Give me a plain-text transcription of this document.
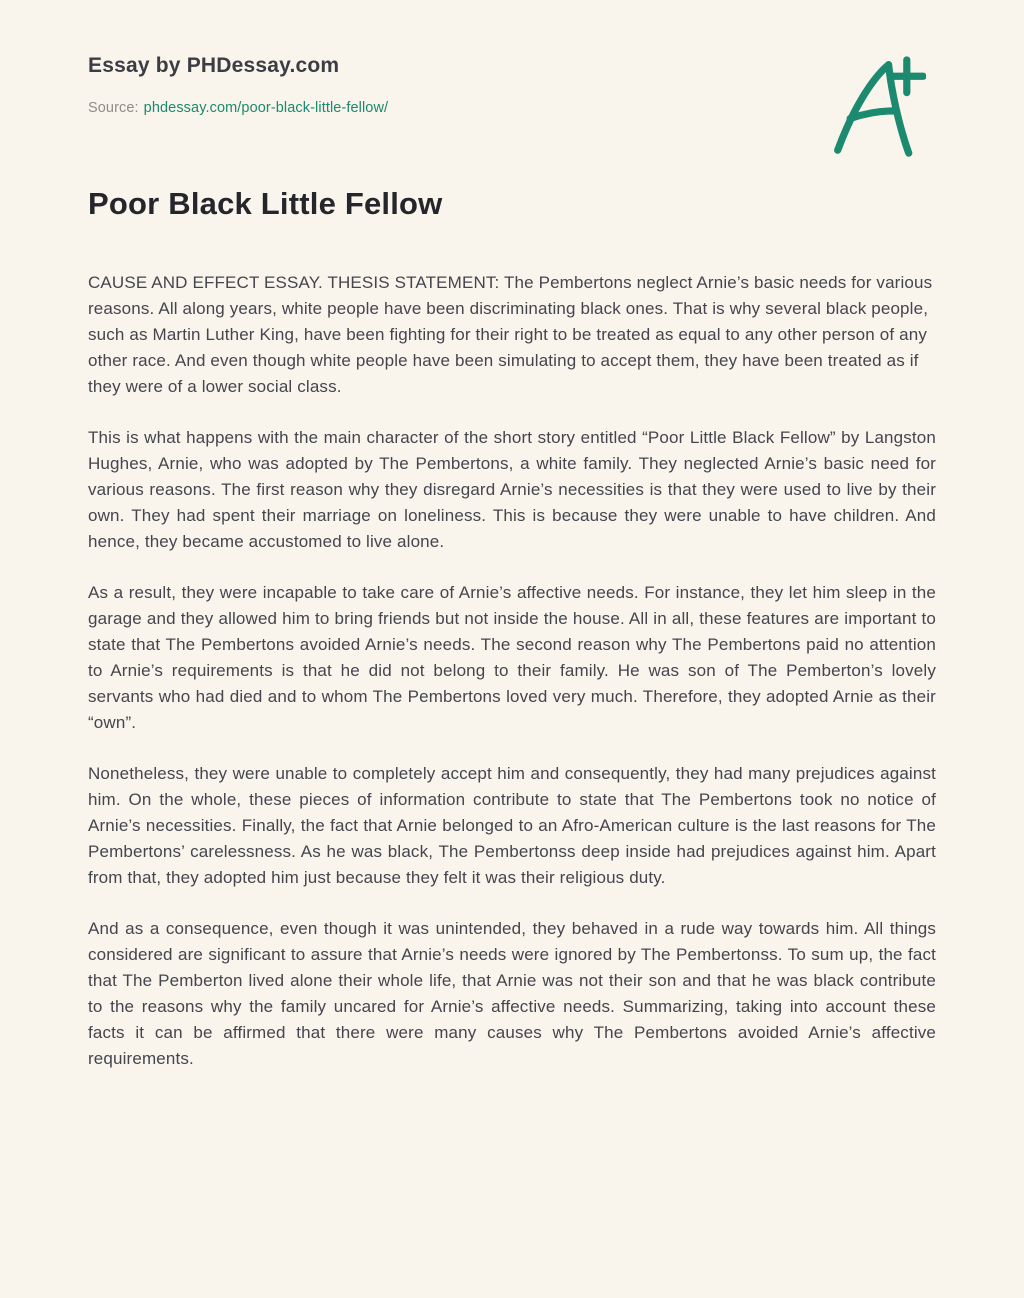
Essay by PHDessay.com
Source: phdessay.com/poor-black-little-fellow/
Poor Black Little Fellow

CAUSE AND EFFECT ESSAY. THESIS STATEMENT: The Pembertons neglect Arnie’s basic needs for various reasons. All along years, white people have been discriminating black ones. That is why several black people, such as Martin Luther King, have been fighting for their right to be treated as equal to any other person of any other race. And even though white people have been simulating to accept them, they have been treated as if they were of a lower social class.

This is what happens with the main character of the short story entitled “Poor Little Black Fellow” by Langston Hughes, Arnie, who was adopted by The Pembertons, a white family. They neglected Arnie’s basic need for various reasons. The first reason why they disregard Arnie’s necessities is that they were used to live by their own. They had spent their marriage on loneliness. This is because they were unable to have children. And hence, they became accustomed to live alone.

As a result, they were incapable to take care of Arnie’s affective needs. For instance, they let him sleep in the garage and they allowed him to bring friends but not inside the house. All in all, these features are important to state that The Pembertons avoided Arnie’s needs. The second reason why The Pembertons paid no attention to Arnie’s requirements is that he did not belong to their family. He was son of The Pemberton’s lovely servants who had died and to whom The Pembertons loved very much. Therefore, they adopted Arnie as their “own”.

Nonetheless, they were unable to completely accept him and consequently, they had many prejudices against him. On the whole, these pieces of information contribute to state that The Pembertons took no notice of Arnie’s necessities. Finally, the fact that Arnie belonged to an Afro-American culture is the last reasons for The Pembertons’ carelessness. As he was black, The Pembertonss deep inside had prejudices against him. Apart from that, they adopted him just because they felt it was their religious duty.

And as a consequence, even though it was unintended, they behaved in a rude way towards him. All things considered are significant to assure that Arnie’s needs were ignored by The Pembertonss. To sum up, the fact that The Pemberton lived alone their whole life, that Arnie was not their son and that he was black contribute to the reasons why the family uncared for Arnie’s affective needs. Summarizing, taking into account these facts it can be affirmed that there were many causes why The Pembertons avoided Arnie’s affective requirements.
